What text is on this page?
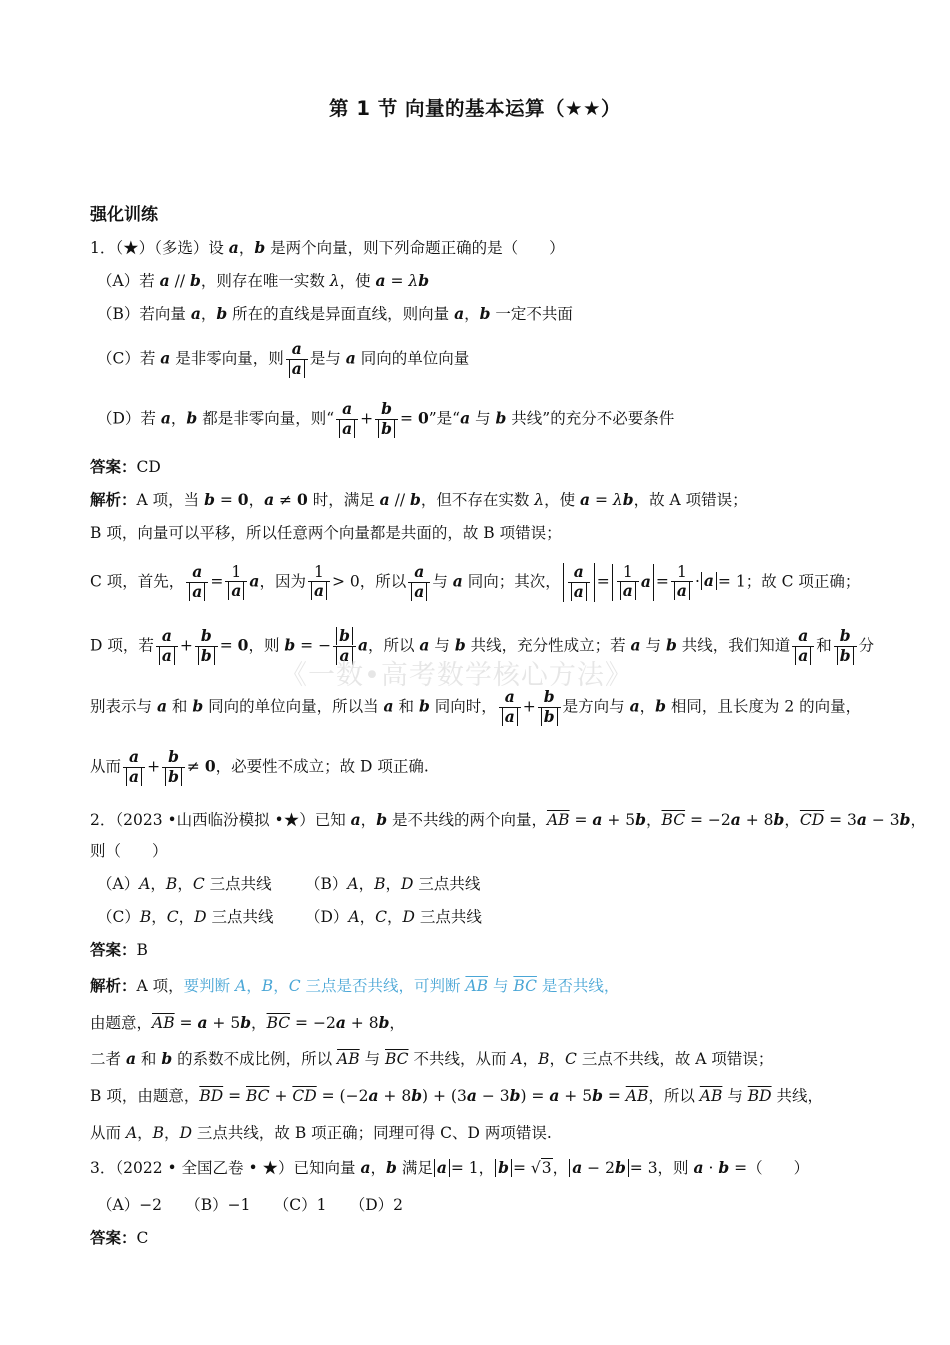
第 1 节 向量的基本运算（★★）
强化训练
1．（★）（多选）设 a，b 是两个向量，则下列命题正确的是（　　）
（A）若 a // b，则存在唯一实数 λ，使 a = λb
（B）若向量 a，b 所在的直线是异面直线，则向量 a，b 一定不共面
（C）若 a 是非零向量，则 $\frac{a}{a}$ 是与 a 同向的单位向量
（D）若 a，b 都是非零向量，则“ $\frac{a}{a} + \frac{b}{b} = 0$”是“a 与 b 共线”的充分不必要条件
答案：CD
解析：A 项，当 b = 0，a ≠ 0 时，满足 a // b，但不存在实数 λ，使 a = λb，故 A 项错误；
B 项，向量可以平移，所以任意两个向量都是共面的，故 B 项错误；
C 项，首先， $\frac{a}{a} = \frac{1}{a}$ a，因为 $\frac{1}{a} > 0$，所以 $\frac{a}{a}$ 与 a 同向；其次， $\frac{a}{a} = \frac{1}{a}$ $a = \frac{1}{a} \cdot a = 1$；故 C 项正确；
D 项，若 $\frac{a}{a} + \frac{b}{b} = 0$，则 b = − $\frac{b}{a}$ a，所以 a 与 b 共线，充分性成立；若 a 与 b 共线，我们知道 $\frac{a}{a}$ 和 $\frac{b}{b}$ 分
别表示与 a 和 b 同向的单位向量，所以当 a 和 b 同向时， $\frac{a}{a} + \frac{b}{b}$ 是方向与 a，b 相同，且长度为 2 的向量，
从而 $\frac{a}{a} + \frac{b}{b} \ne 0$，必要性不成立；故 D 项正确.
2．（2023 •山西临汾模拟 •★）已知 a，b 是不共线的两个向量，$\overline{AB} = a + 5b$，$\overline{BC} = -2a + 8b$，$\overline{CD} = 3a - 3b$，
则（　　）
（A）A，B，C 三点共线 （B）A，B，D 三点共线
（C）B，C，D 三点共线 （D）A，C，D 三点共线
答案：B
解析：A 项，要判断 A，B，C 三点是否共线，可判断 $\overline{AB}$ 与 $\overline{BC}$ 是否共线，
由题意，$\overline{AB} = a + 5b$，$\overline{BC} = -2a + 8b$，
二者 a 和 b 的系数不成比例，所以 $\overline{AB}$ 与 $\overline{BC}$ 不共线，从而 A，B，C 三点不共线，故 A 项错误；
B 项，由题意，$\overline{BD} = \overline{BC} + \overline{CD} = (-2a + 8b) + (3a - 3b) = a + 5b = \overline{AB}$，所以 $\overline{AB}$ 与 $\overline{BD}$ 共线，
从而 A，B，D 三点共线，故 B 项正确；同理可得 C、D 两项错误.
3．（2022 • 全国乙卷 • ★）已知向量 a，b 满足 a = 1， b = √3， a − 2b = 3，则 a · b =（　　）
（A）−2　　（B）−1　　（C）1　　（D）2
答案：C
《一数•高考数学核心方法》
